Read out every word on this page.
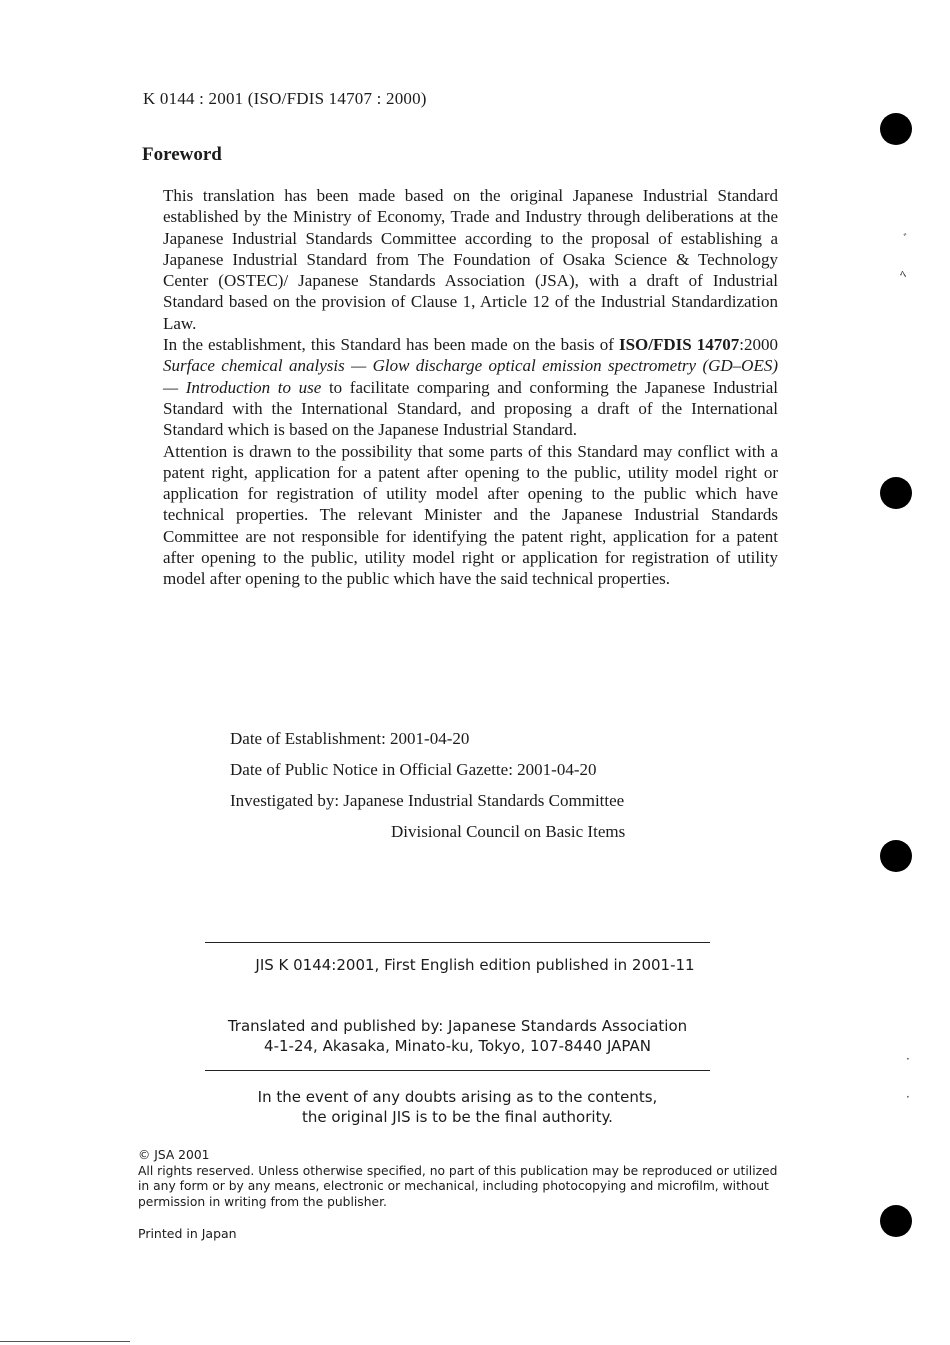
K 0144 : 2001 (ISO/FDIS 14707 : 2000)
Foreword

This translation has been made based on the original Japanese Industrial Standard established by the Ministry of Economy, Trade and Industry through deliberations at the Japanese Industrial Standards Committee according to the proposal of establishing a Japanese Industrial Standard from The Foundation of Osaka Science & Technology Center (OSTEC)/ Japanese Standards Association (JSA), with a draft of Industrial Standard based on the provision of Clause 1, Article 12 of the Industrial Standardization Law.

In the establishment, this Standard has been made on the basis of ISO/FDIS 14707:2000 Surface chemical analysis — Glow discharge optical emission spectrometry (GD–OES) — Introduction to use to facilitate comparing and conforming the Japanese Industrial Standard with the International Standard, and proposing a draft of the International Standard which is based on the Japanese Industrial Standard.

Attention is drawn to the possibility that some parts of this Standard may conflict with a patent right, application for a patent after opening to the public, utility model right or application for registration of utility model after opening to the public which have technical properties. The relevant Minister and the Japanese Industrial Standards Committee are not responsible for identifying the patent right, application for a patent after opening to the public, utility model right or application for registration of utility model after opening to the public which have the said technical properties.

Date of Establishment: 2001-04-20
Date of Public Notice in Official Gazette: 2001-04-20
Investigated by: Japanese Industrial Standards Committee
Divisional Council on Basic Items
JIS K 0144:2001, First English edition published in 2001-11
Translated and published by: Japanese Standards Association
4-1-24, Akasaka, Minato-ku, Tokyo, 107-8440 JAPAN
In the event of any doubts arising as to the contents,
the original JIS is to be the final authority.

© JSA 2001

All rights reserved. Unless otherwise specified, no part of this publication may be reproduced or utilized in any form or by any means, electronic or mechanical, including photocopying and microfilm, without permission in writing from the publisher.

Printed in Japan
ﾞ
ﾍ
·
·
